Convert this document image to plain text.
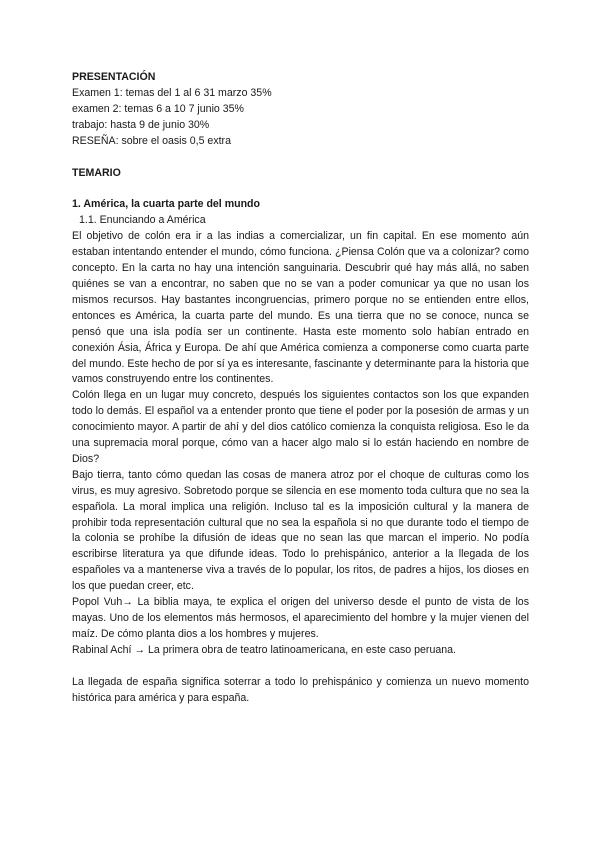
PRESENTACIÓN

Examen 1: temas del 1 al 6 31 marzo 35%

examen 2: temas 6 a 10 7 junio 35%

trabajo: hasta 9 de junio 30%

RESEÑA: sobre el oasis 0,5 extra

TEMARIO

1. América, la cuarta parte del mundo

1.1. Enunciando a América

El objetivo de colón era ir a las indias a comercializar, un fin capital. En ese momento aún estaban intentando entender el mundo, cómo funciona. ¿Piensa Colón que va a colonizar? como concepto. En la carta no hay una intención sanguinaria. Descubrir qué hay más allá, no saben quiénes se van a encontrar, no saben que no se van a poder comunicar ya que no usan los mismos recursos. Hay bastantes incongruencias, primero porque no se entienden entre ellos, entonces es América, la cuarta parte del mundo. Es una tierra que no se conoce, nunca se pensó que una isla podía ser un continente. Hasta este momento solo habían entrado en conexión Ásia, África y Europa. De ahí que América comienza a componerse como cuarta parte del mundo. Este hecho de por sí ya es interesante, fascinante y determinante para la historia que vamos construyendo entre los continentes.

Colón llega en un lugar muy concreto, después los siguientes contactos son los que expanden todo lo demás. El español va a entender pronto que tiene el poder por la posesión de armas y un conocimiento mayor. A partir de ahí y del dios católico comienza la conquista religiosa. Eso le da una supremacia moral porque, cómo van a hacer algo malo si lo están haciendo en nombre de Dios?

Bajo tierra, tanto cómo quedan las cosas de manera atroz por el choque de culturas como los virus, es muy agresivo. Sobretodo porque se silencia en ese momento toda cultura que no sea la española. La moral implica una religión. Incluso tal es la imposición cultural y la manera de prohibir toda representación cultural que no sea la española si no que durante todo el tiempo de la colonia se prohíbe la difusión de ideas que no sean las que marcan el imperio. No podía escribirse literatura ya que difunde ideas. Todo lo prehispánico, anterior a la llegada de los españoles va a mantenerse viva a través de lo popular, los ritos, de padres a hijos, los dioses en los que puedan creer, etc.

Popol Vuh→ La biblia maya, te explica el origen del universo desde el punto de vista de los mayas. Uno de los elementos más hermosos, el aparecimiento del hombre y la mujer vienen del maíz. De cómo planta dios a los hombres y mujeres.

Rabinal Achí → La primera obra de teatro latinoamericana, en este caso peruana.

La llegada de españa significa soterrar a todo lo prehispánico y comienza un nuevo momento histórica para américa y para españa.
